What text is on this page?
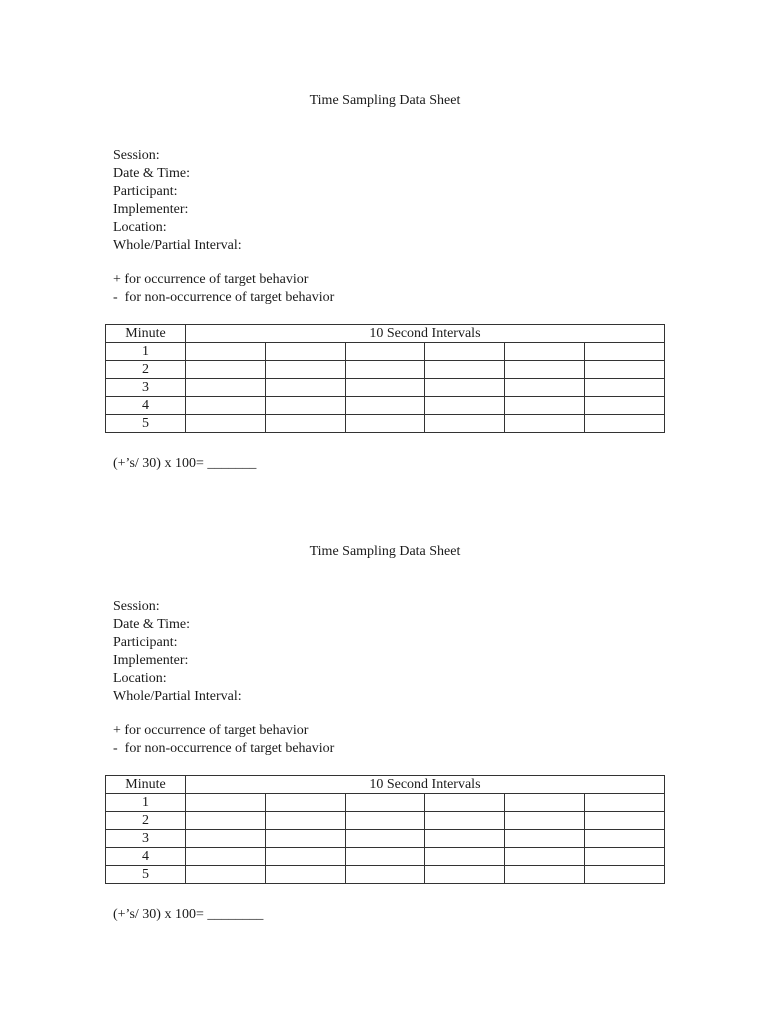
Time Sampling Data Sheet
Session:
Date & Time:
Participant:
Implementer:
Location:
Whole/Partial Interval:
+ for occurrence of target behavior
-  for non-occurrence of target behavior
Minute	10 Second Intervals					
1						
2						
3						
4						
5						
(+’s/ 30) x 100= _______
Time Sampling Data Sheet
Session:
Date & Time:
Participant:
Implementer:
Location:
Whole/Partial Interval:
+ for occurrence of target behavior
-  for non-occurrence of target behavior
Minute	10 Second Intervals					
1						
2						
3						
4						
5						
(+’s/ 30) x 100= ________
